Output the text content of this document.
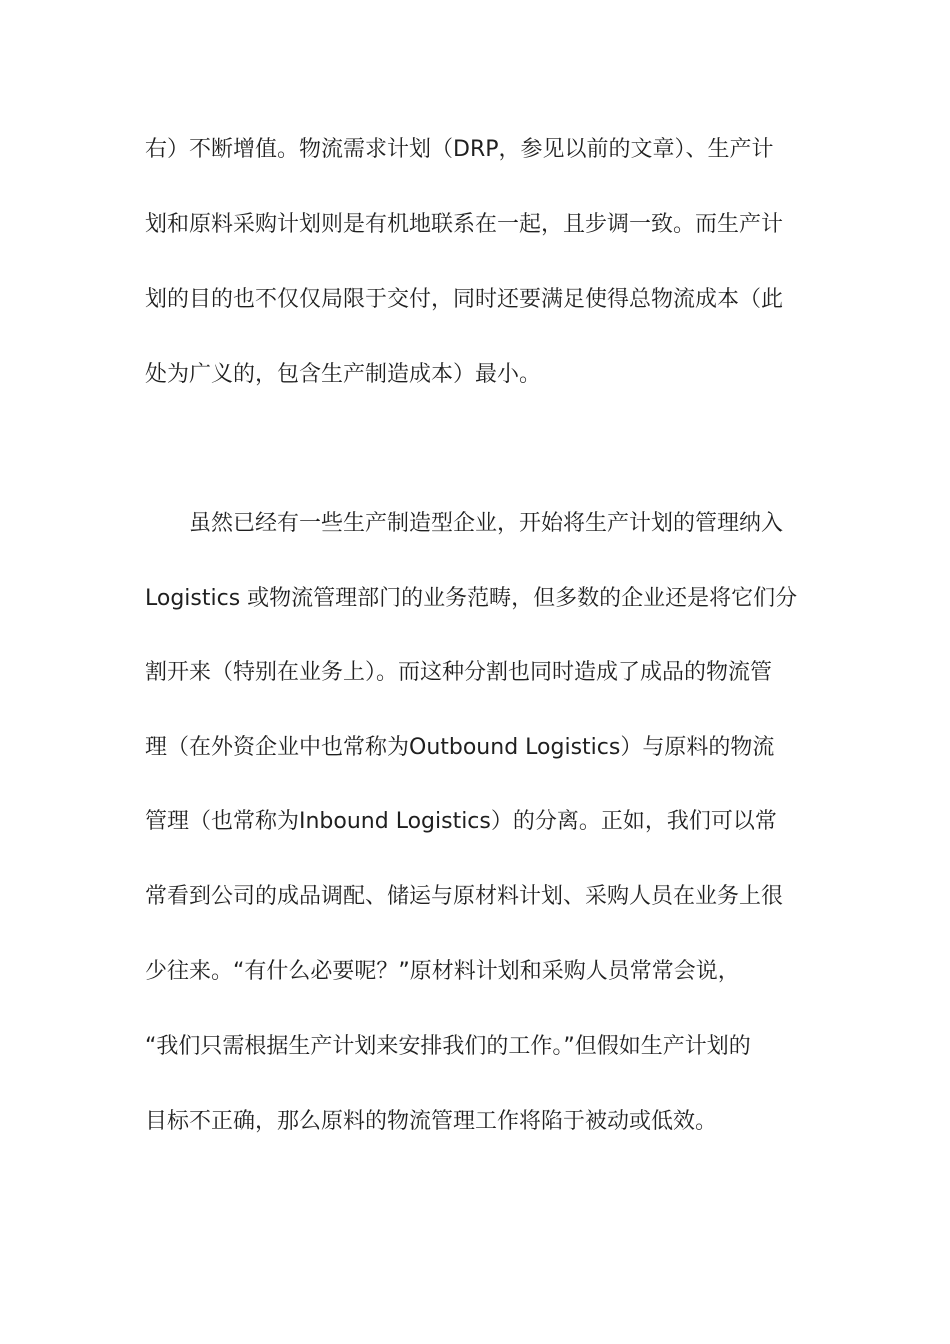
右）不断增值。物流需求计划（DRP，参见以前的文章）、生产计
划和原料采购计划则是有机地联系在一起，且步调一致。而生产计
划的目的也不仅仅局限于交付，同时还要满足使得总物流成本（此
处为广义的，包含生产制造成本）最小。
　　虽然已经有一些生产制造型企业，开始将生产计划的管理纳入
Logistics 或物流管理部门的业务范畴，但多数的企业还是将它们分
割开来（特别在业务上）。而这种分割也同时造成了成品的物流管
理（在外资企业中也常称为Outbound Logistics）与原料的物流
管理（也常称为Inbound Logistics）的分离。正如，我们可以常
常看到公司的成品调配、储运与原材料计划、采购人员在业务上很
少往来。“有什么必要呢？”原材料计划和采购人员常常会说，
“我们只需根据生产计划来安排我们的工作。”但假如生产计划的
目标不正确，那么原料的物流管理工作将陷于被动或低效。
